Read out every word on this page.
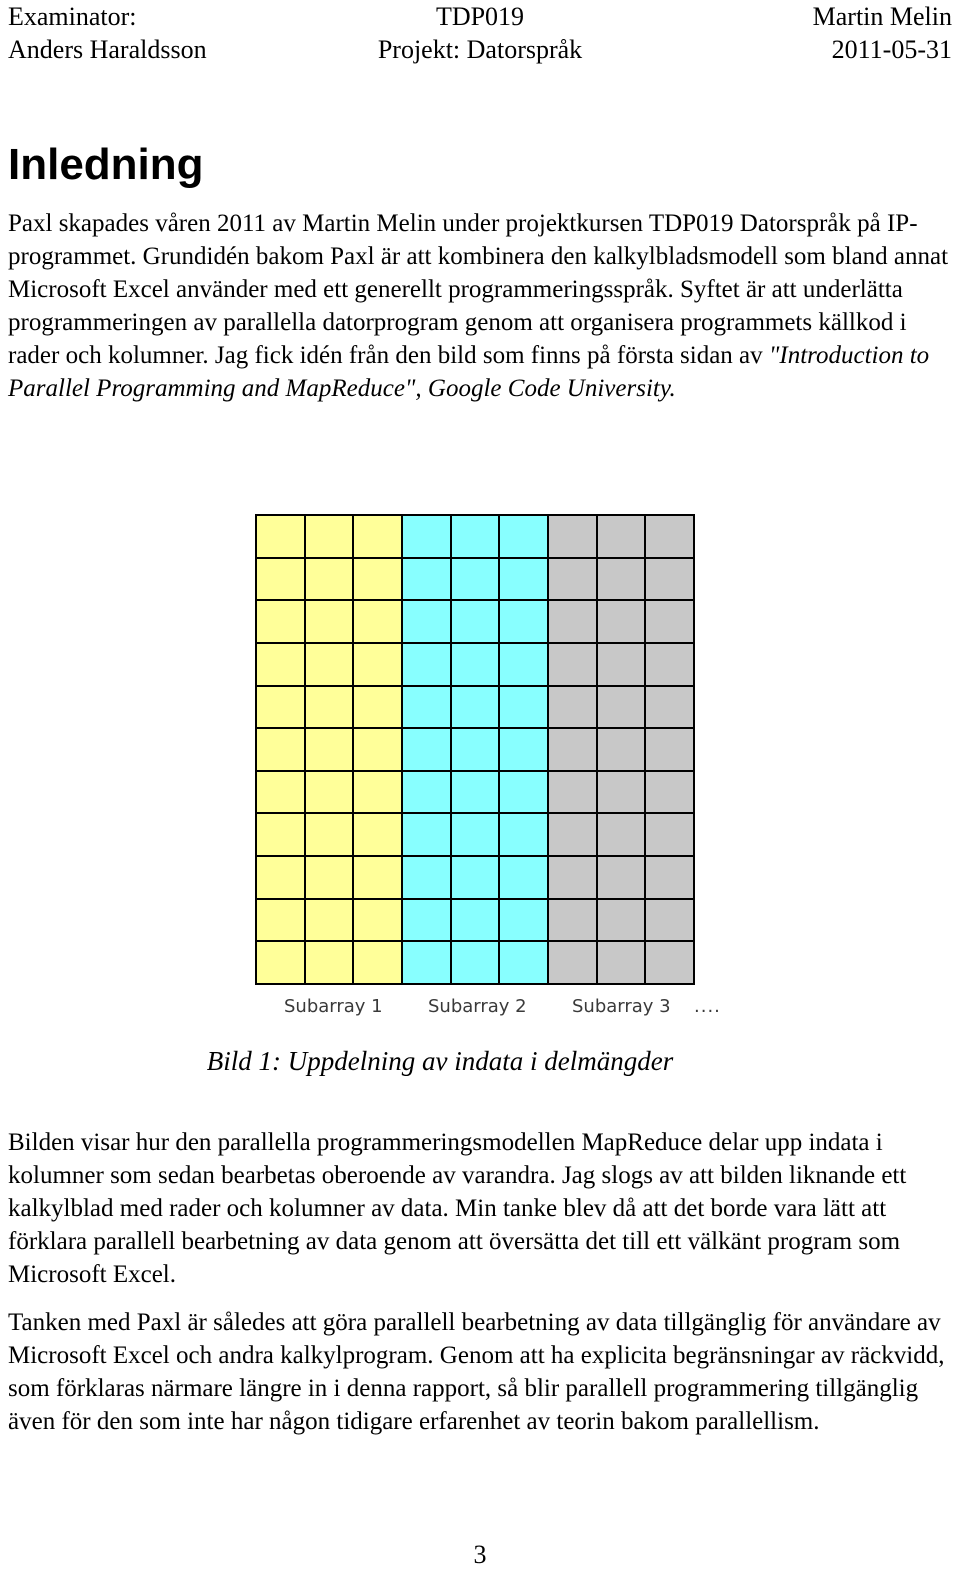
TDP019
Examinator:	Martin Melin
Projekt: Datorspråk
Anders Haraldsson	2011-05-31
Inledning

Paxl skapades våren 2011 av Martin Melin under projektkursen TDP019 Datorspråk på IP-programmet. Grundidén bakom Paxl är att kombinera den kalkylbladsmodell som bland annat Microsoft Excel använder med ett generellt programmeringsspråk. Syftet är att underlätta programmeringen av parallella datorprogram genom att organisera programmets källkod i rader och kolumner. Jag fick idén från den bild som finns på första sidan av "Introduction to Parallel Programming and MapReduce", Google Code University.

Subarray 1	Subarray 2	Subarray 3 ....

Bild 1: Uppdelning av indata i delmängder

Bilden visar hur den parallella programmeringsmodellen MapReduce delar upp indata i kolumner som sedan bearbetas oberoende av varandra. Jag slogs av att bilden liknande ett kalkylblad med rader och kolumner av data. Min tanke blev då att det borde vara lätt att förklara parallell bearbetning av data genom att översätta det till ett välkänt program som Microsoft Excel.

Tanken med Paxl är således att göra parallell bearbetning av data tillgänglig för användare av Microsoft Excel och andra kalkylprogram. Genom att ha explicita begränsningar av räckvidd, som förklaras närmare längre in i denna rapport, så blir parallell programmering tillgänglig även för den som inte har någon tidigare erfarenhet av teorin bakom parallellism.

3
